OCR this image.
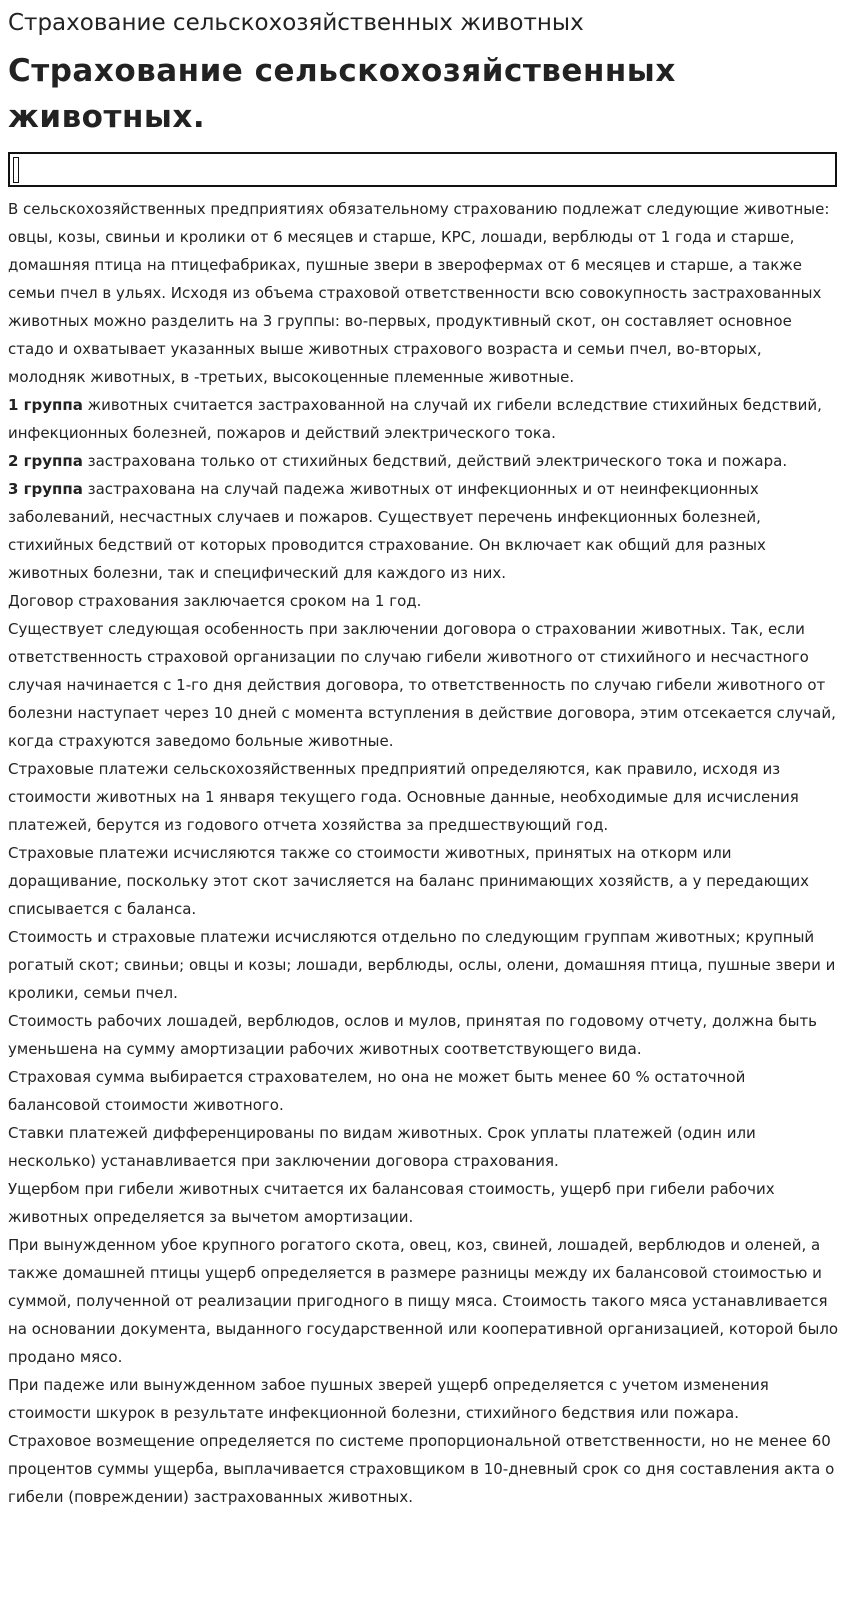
Страхование сельскохозяйственных животных
Страхование сельскохозяйственных животных.

В сельскохозяйственных предприятиях обязательному страхованию подлежат следующие животные: овцы, козы, свиньи и кролики от 6 месяцев и старше, КРС, лошади, верблюды от 1 года и старше, домашняя птица на птицефабриках, пушные звери в зверофермах от 6 месяцев и старше, а также семьи пчел в ульях. Исходя из объема страховой ответственности всю совокупность застрахованных животных можно разделить на 3 группы: во-первых, продуктивный скот, он составляет основное стадо и охватывает указанных выше животных страхового возраста и семьи пчел, во-вторых, молодняк животных, в -третьих, высокоценные племенные животные.

1 группа животных считается застрахованной на случай их гибели вследствие стихийных бедствий, инфекционных болезней, пожаров и действий электрического тока.

2 группа застрахована только от стихийных бедствий, действий электрического тока и пожара.

3 группа застрахована на случай падежа животных от инфекционных и от неинфекционных заболеваний, несчастных случаев и пожаров. Существует перечень инфекционных болезней, стихийных бедствий от которых проводится страхование. Он включает как общий для разных животных болезни, так и специфический для каждого из них.

Договор страхования заключается сроком на 1 год.

Существует следующая особенность при заключении договора о страховании животных. Так, если ответственность страховой организации по случаю гибели животного от стихийного и несчастного случая начинается с 1-го дня действия договора, то ответственность по случаю гибели животного от болезни наступает через 10 дней с момента вступления в действие договора, этим отсекается случай, когда страхуются заведомо больные животные.

Страховые платежи сельскохозяйственных предприятий определяются, как правило, исходя из стоимости животных на 1 января текущего года. Основные данные, необходимые для исчисления платежей, берутся из годового отчета хозяйства за предшествующий год.

Страховые платежи исчисляются также со стоимости животных, принятых на откорм или доращивание, поскольку этот скот зачисляется на баланс принимающих хозяйств, а у передающих списывается с баланса.

Стоимость и страховые платежи исчисляются отдельно по следующим группам животных; крупный рогатый скот; свиньи; овцы и козы; лошади, верблюды, ослы, олени, домашняя птица, пушные звери и кролики, семьи пчел.

Стоимость рабочих лошадей, верблюдов, ослов и мулов, принятая по годовому отчету, должна быть уменьшена на сумму амортизации рабочих животных соответствующего вида.

Страховая сумма выбирается страхователем, но она не может быть менее 60 % остаточной балансовой стоимости животного.

Ставки платежей дифференцированы по видам животных. Срок уплаты платежей (один или несколько) устанавливается при заключении договора страхования.

Ущербом при гибели животных считается их балансовая стоимость, ущерб при гибели рабочих животных определяется за вычетом амортизации.

При вынужденном убое крупного рогатого скота, овец, коз, свиней, лошадей, верблюдов и оленей, а также домашней птицы ущерб определяется в размере разницы между их балансовой стоимостью и суммой, полученной от реализации пригодного в пищу мяса. Стоимость такого мяса устанавливается на основании документа, выданного государственной или кооперативной организацией, которой было продано мясо.

При падеже или вынужденном забое пушных зверей ущерб определяется с учетом изменения стоимости шкурок в результате инфекционной болезни, стихийного бедствия или пожара.

Страховое возмещение определяется по системе пропорциональной ответственности, но не менее 60 процентов суммы ущерба, выплачивается страховщиком в 10-дневный срок со дня составления акта о гибели (повреждении) застрахованных животных.
